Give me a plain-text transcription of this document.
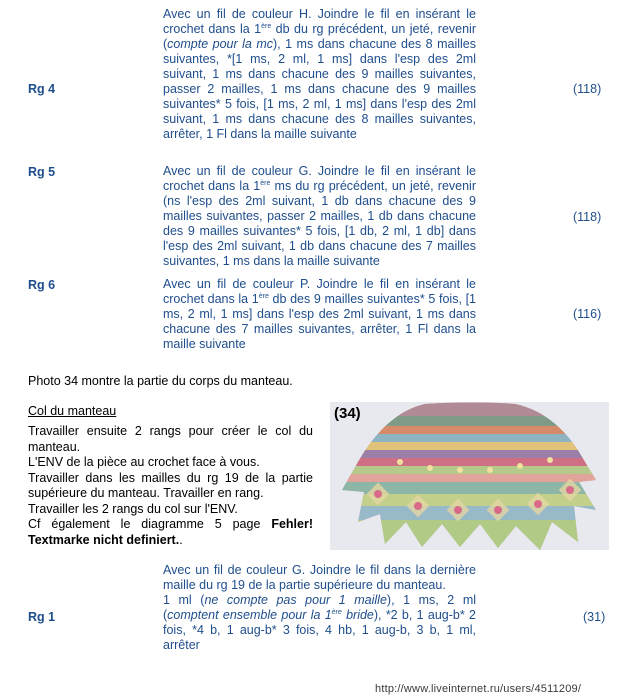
Rg 4
Avec un fil de couleur H. Joindre le fil en insérant le crochet dans la 1ère db du rg précédent, un jeté, revenir (compte pour la mc), 1 ms dans chacune des 8 mailles suivantes, *[1 ms, 2 ml, 1 ms] dans l'esp des 2ml suivant, 1 ms dans chacune des 9 mailles suivantes, passer 2 mailles, 1 ms dans chacune des 9 mailles suivantes* 5 fois, [1 ms, 2 ml, 1 ms] dans l'esp des 2ml suivant, 1 ms dans chacune des 8 mailles suivantes, arrêter, 1 Fl dans la maille suivante
(118)
Rg 5	Avec un fil de couleur G. Joindre le fil en insérant le crochet dans la 1ère ms du rg précédent, un jeté, revenir (ns l'esp des 2ml suivant, 1 db dans chacune des 9 mailles suivantes, passer 2 mailles, 1 db dans chacune des 9 mailles suivantes* 5 fois, [1 db, 2 ml, 1 db] dans l'esp des 2ml suivant, 1 db dans chacune des 7 mailles suivantes, 1 ms dans la maille suivante
(118)
Rg 6	Avec un fil de couleur P. Joindre le fil en insérant le crochet dans la 1ère db des 9 mailles suivantes* 5 fois, [1 ms, 2 ml, 1 ms] dans l'esp des 2ml suivant, 1 ms dans chacune des 7 mailles suivantes, arrêter, 1 Fl dans la maille suivante
(116)
Photo 34 montre la partie du corps du manteau.
Col du manteau
Travailler ensuite 2 rangs pour créer le col du manteau.
L'ENV de la pièce au crochet face à vous.
Travailler dans les mailles du rg 19 de la partie supérieure du manteau. Travailler en rang.
Travailler les 2 rangs du col sur l'ENV.
Cf également le diagramme 5 page Fehler! Textmarke nicht definiert..
(34)
Rg 1
Avec un fil de couleur G. Joindre le fil dans la dernière maille du rg 19 de la partie supérieure du manteau.
1 ml (ne compte pas pour 1 maille), 1 ms, 2 ml (comptent ensemble pour la 1ère bride), *2 b, 1 aug-b* 2 fois, *4 b, 1 aug-b* 3 fois, 4 hb, 1 aug-b, 3 b, 1 ml, arrêter
(31)
http://www.liveinternet.ru/users/4511209/
